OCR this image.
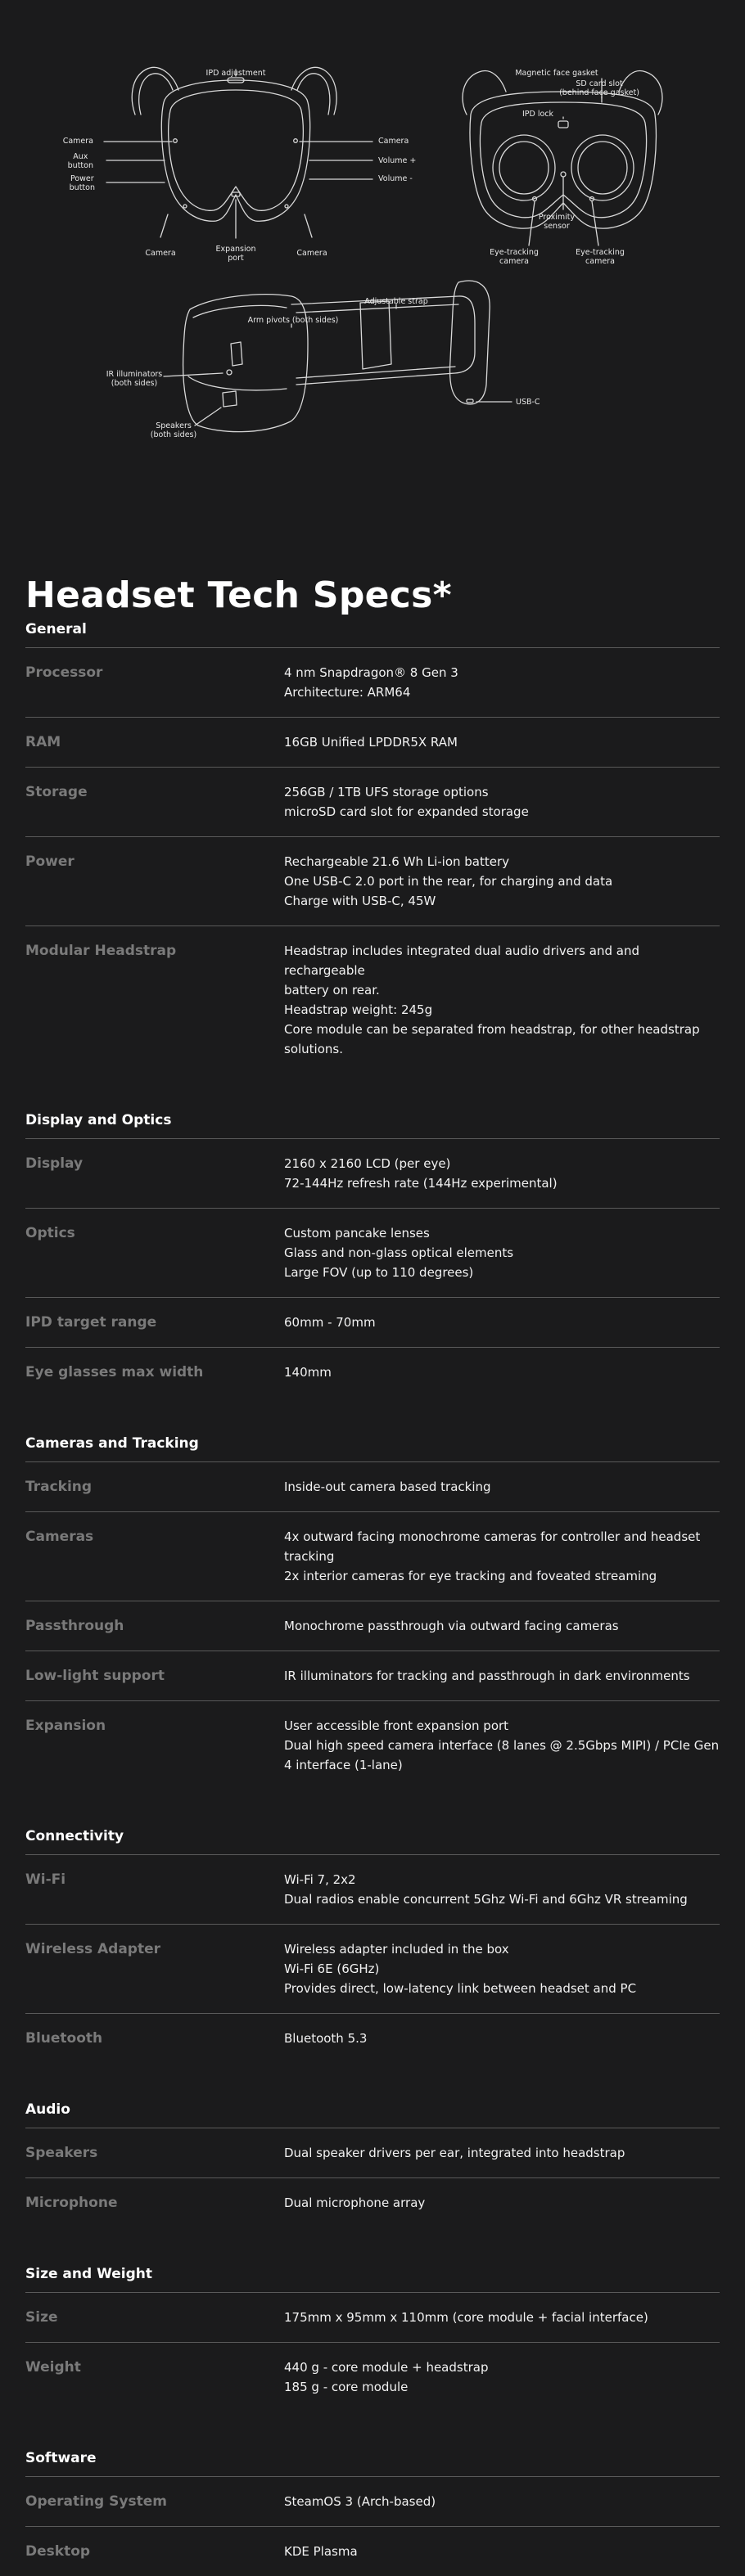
IPD adjustment
Camera
Aux
button
Power
button
Camera
Volume +
Volume -
Camera	Expansion
port
Camera
Magnetic face gasket
SD card slot
(behind face gasket)
IPD lock
Proximity
sensor
Eye-tracking
camera
Eye-tracking
camera
Adjustable strap
Arm pivots (both sides)
IR illuminators
(both sides)
Speakers
(both sides)
USB-C
Headset Tech Specs*
General
Processor	4 nm Snapdragon® 8 Gen 3
Architecture: ARM64
RAM	16GB Unified LPDDR5X RAM
Storage	256GB / 1TB UFS storage options
microSD card slot for expanded storage
Power	Rechargeable 21.6 Wh Li-ion battery
One USB-C 2.0 port in the rear, for charging and data
Charge with USB-C, 45W
Modular Headstrap	Headstrap includes integrated dual audio drivers and and rechargeable
battery on rear.
Headstrap weight: 245g
Core module can be separated from headstrap, for other headstrap
solutions.
Display and Optics
Display	2160 x 2160 LCD (per eye)
72-144Hz refresh rate (144Hz experimental)
Optics	Custom pancake lenses
Glass and non-glass optical elements
Large FOV (up to 110 degrees)
IPD target range	60mm - 70mm
Eye glasses max width	140mm
Cameras and Tracking
Tracking	Inside-out camera based tracking
Cameras	4x outward facing monochrome cameras for controller and headset
tracking
2x interior cameras for eye tracking and foveated streaming
Passthrough	Monochrome passthrough via outward facing cameras
Low-light support	IR illuminators for tracking and passthrough in dark environments
Expansion	User accessible front expansion port
Dual high speed camera interface (8 lanes @ 2.5Gbps MIPI) / PCIe Gen
4 interface (1-lane)
Connectivity
Wi-Fi	Wi-Fi 7, 2x2
Dual radios enable concurrent 5Ghz Wi-Fi and 6Ghz VR streaming
Wireless Adapter	Wireless adapter included in the box
Wi-Fi 6E (6GHz)
Provides direct, low-latency link between headset and PC
Bluetooth	Bluetooth 5.3
Audio
Speakers	Dual speaker drivers per ear, integrated into headstrap
Microphone	Dual microphone array
Size and Weight
Size	175mm x 95mm x 110mm (core module + facial interface)
Weight	440 g - core module + headstrap
185 g - core module
Software
Operating System	SteamOS 3 (Arch-based)
Desktop	KDE Plasma
